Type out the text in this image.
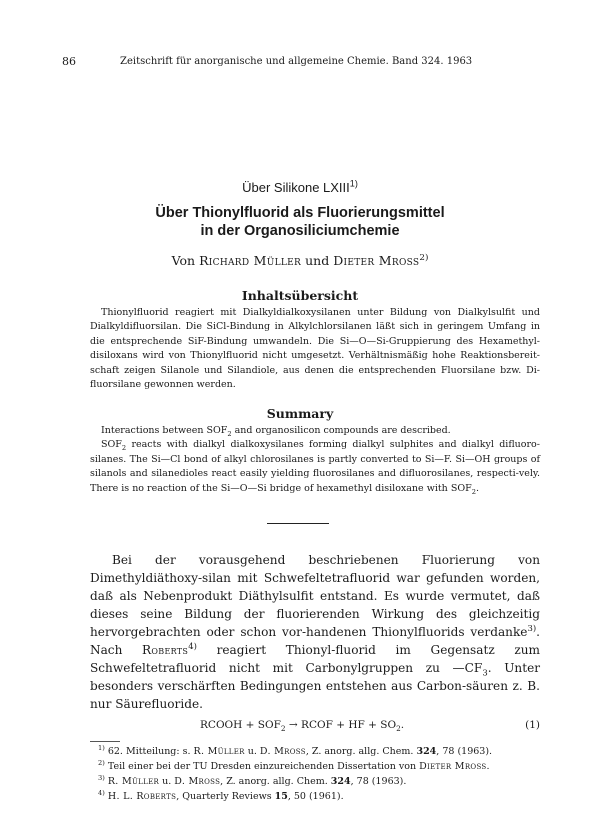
86	Zeitschrift für anorganische und allgemeine Chemie. Band 324. 1963
Über Silikone LXIII$^{1)}$
Über Thionylfluorid als Fluorierungsmittel
in der Organosiliciumchemie
Von Richard Müller und Dieter Mross$^{2)}$
Inhaltsübersicht

Thionylfluorid reagiert mit Dialkyldialkoxysilanen unter Bildung von Dialkylsulfit und Dialkyldifluorsilan. Die SiCl-Bindung in Alkylchlorsilanen läßt sich in geringem Umfang in die entsprechende SiF-Bindung umwandeln. Die Si—O—Si-Gruppierung des Hexamethyl-disiloxans wird von Thionylfluorid nicht umgesetzt. Verhältnismäßig hohe Reaktionsbereit-schaft zeigen Silanole und Silandiole, aus denen die entsprechenden Fluorsilane bzw. Di-fluorsilane gewonnen werden.

Summary

Interactions between $SOF_2$ and organosilicon compounds are described.

$SOF_2$ reacts with dialkyl dialkoxysilanes forming dialkyl sulphites and dialkyl difluoro-silanes. The Si—Cl bond of alkyl chlorosilanes is partly converted to Si—F. Si—OH groups of silanols and silanedioles react easily yielding fluorosilanes and difluorosilanes, respecti-vely. There is no reaction of the Si—O—Si bridge of hexamethyl disiloxane with $SOF_2$.

Bei der vorausgehend beschriebenen Fluorierung von Dimethyldiäthoxy-silan mit Schwefeltetrafluorid war gefunden worden, daß als Nebenprodukt Diäthylsulfit entstand. Es wurde vermutet, daß dieses seine Bildung der fluorierenden Wirkung des gleichzeitig hervorgebrachten oder schon vor-handenen Thionylfluorids verdanke$^{3)}$. Nach Roberts$^{4)}$ reagiert Thionyl-fluorid im Gegensatz zum Schwefeltetrafluorid nicht mit Carbonylgruppen zu $—CF_3$. Unter besonders verschärften Bedingungen entstehen aus Carbon-säuren z. B. nur Säurefluoride.

RCOOH + $SOF_2$ → RCOF + HF + $SO_2$.	(1)
$^{1)}$ 62. Mitteilung: s. R. Müller u. D. Mross, Z. anorg. allg. Chem. 324, 78 (1963).
$^{2)}$ Teil einer bei der TU Dresden einzureichenden Dissertation von Dieter Mross.
$^{3)}$ R. Müller u. D. Mross, Z. anorg. allg. Chem. 324, 78 (1963).
$^{4)}$ H. L. Roberts, Quarterly Reviews 15, 50 (1961).
